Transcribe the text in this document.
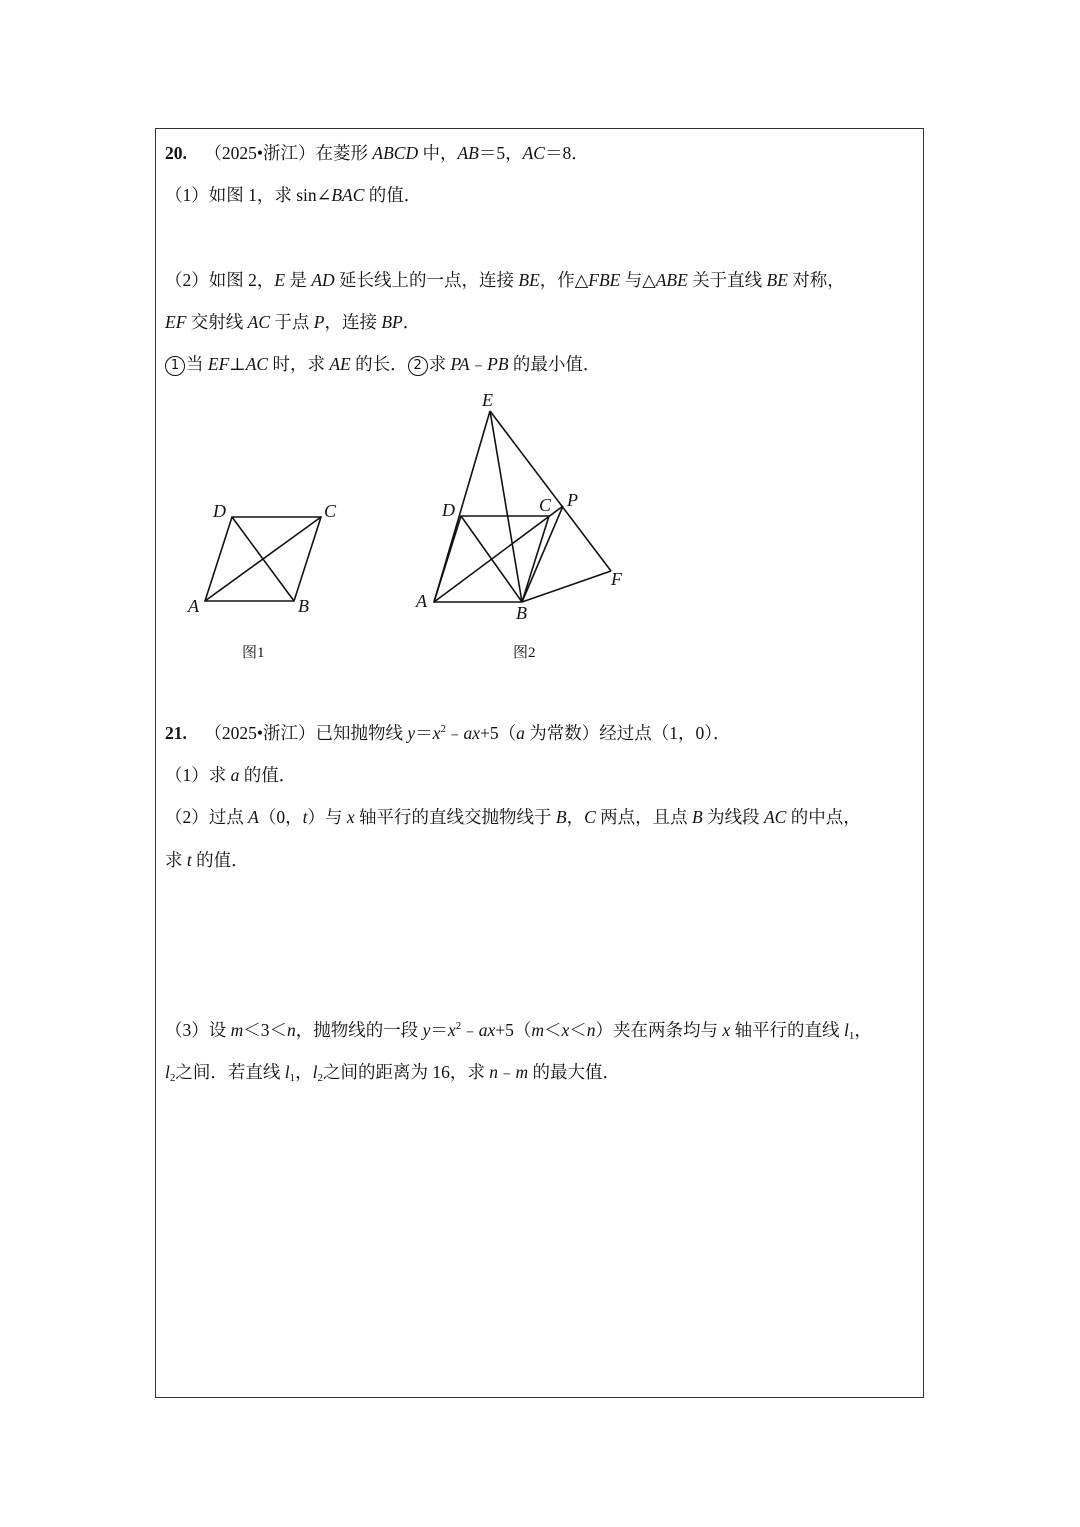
20. （2025•浙江）在菱形 ABCD 中，AB＝5，AC＝8．
（1）如图 1，求 sin∠BAC 的值．
（2）如图 2，E 是 AD 延长线上的一点，连接 BE，作△FBE 与△ABE 关于直线 BE 对称，
EF 交射线 AC 于点 P，连接 BP．
1 当 EF⊥AC 时，求 AE 的长． 2 求 PA﹣PB 的最小值．
D	C
A	B
图1
E
D	C P
A
B
F
图2
21. （2025•浙江）已知抛物线 $y=x^2﹣ax+5(a$ 为常数）经过点（1，0）．
（1）求 a 的值．
（2）过点 A（0，t）与 x 轴平行的直线交抛物线于 B，C 两点，且点 B 为线段 AC 的中点，
求 t 的值．
（3）设 m＜3＜n，抛物线的一段 $y=x^2﹣ax+5(m<x<n)$夹在两条均与 x 轴平行的直线 $l_1$，
$l_2$之间．若直线 $l_1$，$l_2$之间的距离为 16，求 n﹣m 的最大值．
